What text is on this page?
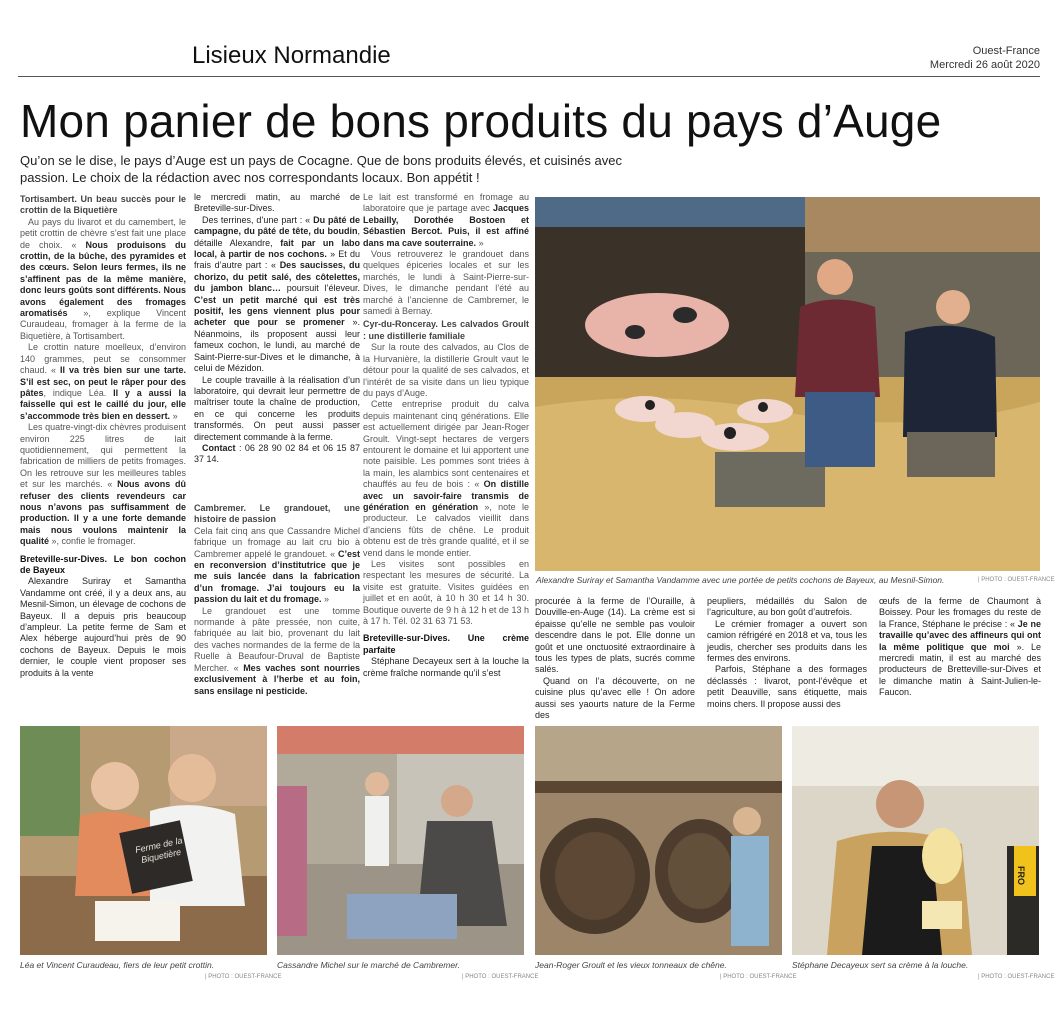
Lisieux Normandie	Ouest-France
Mercredi 26 août 2020
Mon panier de bons produits du pays d’Auge
Qu’on se le dise, le pays d’Auge est un pays de Cocagne. Que de bons produits élevés, et cuisinés avec passion. Le choix de la rédaction avec nos correspondants locaux. Bon appétit !

Tortisambert. Un beau succès pour le crottin de la Biquetière

Au pays du livarot et du camembert, le petit crottin de chèvre s’est fait une place de choix. « Nous produisons du crottin, de la bûche, des pyramides et des cœurs. Selon leurs fermes, ils ne s’affinent pas de la même manière, donc leurs goûts sont différents. Nous avons également des fromages aromatisés », explique Vincent Curaudeau, fromager à la ferme de la Biquetière, à Tortisambert.

Le crottin nature moelleux, d’environ 140 grammes, peut se consommer chaud. « Il va très bien sur une tarte. S’il est sec, on peut le râper pour des pâtes, indique Léa. Il y a aussi la faisselle qui est le caillé du jour, elle s’accommode très bien en dessert. »

Les quatre-vingt-dix chèvres produisent environ 225 litres de lait quotidiennement, qui permettent la fabrication de milliers de petits fromages. On les retrouve sur les meilleures tables et sur les marchés. « Nous avons dû refuser des clients revendeurs car nous n’avons pas suffisamment de production. Il y a une forte demande mais nous voulons maintenir la qualité », confie le fromager.

Breteville-sur-Dives. Le bon cochon de Bayeux

Alexandre Suriray et Samantha Vandamme ont créé, il y a deux ans, au Mesnil-Simon, un élevage de cochons de Bayeux. Il a depuis pris beaucoup d’ampleur. La petite ferme de Sam et Alex héberge aujourd’hui près de 90 cochons de Bayeux. Depuis le mois dernier, le couple vient proposer ses produits à la vente

le mercredi matin, au marché de Breteville-sur-Dives.

Des terrines, d’une part : « Du pâté de campagne, du pâté de tête, du boudin, détaille Alexandre, fait par un labo local, à partir de nos cochons. » Et du frais d’autre part : « Des saucisses, du chorizo, du petit salé, des côtelettes, du jambon blanc… poursuit l’éleveur. C’est un petit marché qui est très positif, les gens viennent plus pour acheter que pour se promener ». Néanmoins, ils proposent aussi leur fameux cochon, le lundi, au marché de Saint-Pierre-sur-Dives et le dimanche, à celui de Mézidon.

Le couple travaille à la réalisation d’un laboratoire, qui devrait leur permettre de maîtriser toute la chaîne de production, en ce qui concerne les produits transformés. On peut aussi passer directement commande à la ferme.

Contact : 06 28 90 02 84 et 06 15 87 37 14.

Cambremer. Le grandouet, une histoire de passion

Cela fait cinq ans que Cassandre Michel fabrique un fromage au lait cru bio à Cambremer appelé le grandouet. « C’est en reconversion d’institutrice que je me suis lancée dans la fabrication d’un fromage. J’ai toujours eu la passion du lait et du fromage. »

Le grandouet est une tomme normande à pâte pressée, non cuite, fabriquée au lait bio, provenant du lait des vaches normandes de la ferme de la Ruelle à Beaufour-Druval de Baptiste Mercher. « Mes vaches sont nourries exclusivement à l’herbe et au foin, sans ensilage ni pesticide.

Le lait est transformé en fromage au laboratoire que je partage avec Jacques Lebailly, Dorothée Bostoen et Sébastien Bercot. Puis, il est affiné dans ma cave souterraine. »

Vous retrouverez le grandouet dans quelques épiceries locales et sur les marchés, le lundi à Saint-Pierre-sur-Dives, le dimanche pendant l’été au marché à l’ancienne de Cambremer, le samedi à Bernay.

Cyr-du-Ronceray. Les calvados Groult : une distillerie familiale

Sur la route des calvados, au Clos de la Hurvanière, la distillerie Groult vaut le détour pour la qualité de ses calvados, et l’intérêt de sa visite dans un lieu typique du pays d’Auge.

Cette entreprise produit du calva depuis maintenant cinq générations. Elle est actuellement dirigée par Jean-Roger Groult. Vingt-sept hectares de vergers entourent le domaine et lui apportent une note paisible. Les pommes sont triées à la main, les alambics sont centenaires et chauffés au feu de bois : « On distille avec un savoir-faire transmis de génération en génération », note le producteur. Le calvados vieillit dans d’anciens fûts de chêne. Le produit obtenu est de très grande qualité, et il se vend dans le monde entier.

Les visites sont possibles en respectant les mesures de sécurité. La visite est gratuite. Visites guidées en juillet et en août, à 10 h 30 et 14 h 30. Boutique ouverte de 9 h à 12 h et de 13 h à 17 h. Tél. 02 31 63 71 53.

Breteville-sur-Dives. Une crème parfaite

Stéphane Decayeux sert à la louche la crème fraîche normande qu’il s’est

procurée à la ferme de l’Ouraille, à Douville-en-Auge (14). La crème est si épaisse qu’elle ne semble pas vouloir descendre dans le pot. Elle donne un goût et une onctuosité extraordinaire à tous les types de plats, sucrés comme salés.

Quand on l’a découverte, on ne cuisine plus qu’avec elle ! On adore aussi ses yaourts nature de la Ferme des

peupliers, médaillés du Salon de l’agriculture, au bon goût d’autrefois.

Le crémier fromager a ouvert son camion réfrigéré en 2018 et va, tous les jeudis, chercher ses produits dans les fermes des environs.

Parfois, Stéphane a des formages déclassés : livarot, pont-l’évêque et petit Deauville, sans étiquette, mais moins chers. Il propose aussi des

œufs de la ferme de Chaumont à Boissey. Pour les fromages du reste de la France, Stéphane le précise : « Je ne travaille qu’avec des affineurs qui ont la même politique que moi ». Le mercredi matin, il est au marché des producteurs de Bretteville-sur-Dives et le dimanche matin à Saint-Julien-le-Faucon.

Alexandre Suriray et Samantha Vandamme avec une portée de petits cochons de Bayeux, au Mesnil-Simon.	| PHOTO : OUEST-FRANCE
Ferme de la Biquetière
Léa et Vincent Curaudeau, fiers de leur petit crottin.
| PHOTO : OUEST-FRANCE
Cassandre Michel sur le marché de Cambremer.
| PHOTO : OUEST-FRANCE
Jean-Roger Groult et les vieux tonneaux de chêne.
| PHOTO : OUEST-FRANCE
FRO
Stéphane Decayeux sert sa crème à la louche.
| PHOTO : OUEST-FRANCE
